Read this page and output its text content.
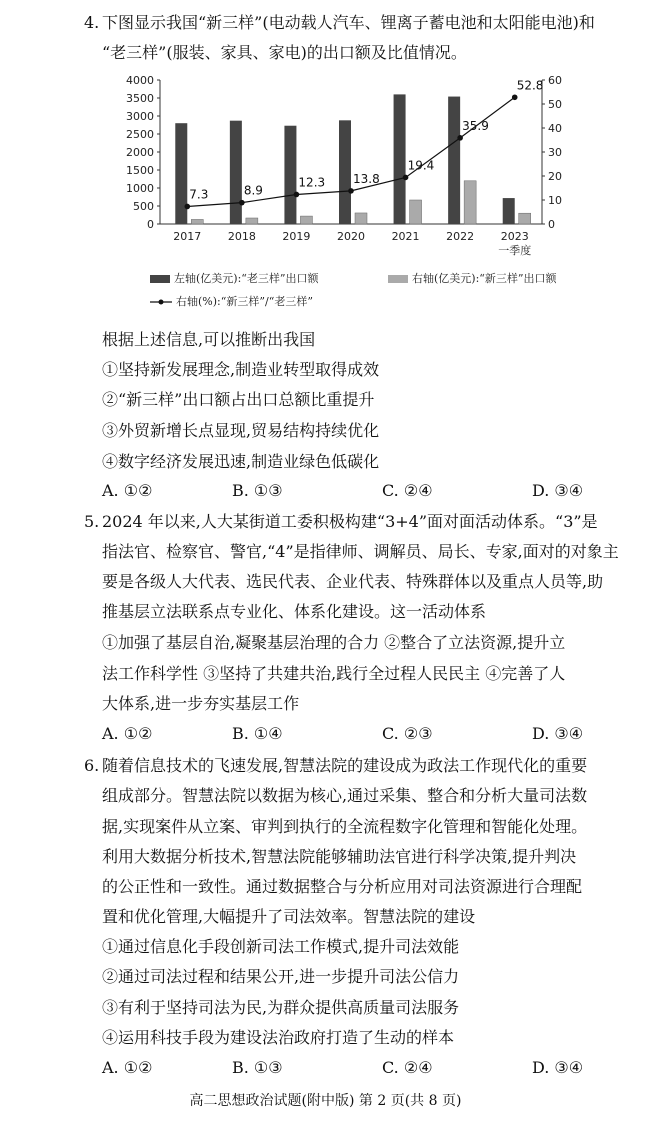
4. 下图显示我国“新三样”(电动载人汽车、锂离子蓄电池和太阳能电池)和
“老三样”(服装、家具、家电)的出口额及比值情况。
0
500
1000
1500
2000
2500
3000
3500
4000
0
10
20
30
40
50
60
2017 2018 2019 2020 2021 2022 2023
一季度
7.3	8.9
12.3 13.8
19.4
35.9
52.8
左轴(亿美元):“老三样”出口额	右轴(亿美元):“新三样”出口额
右轴(%):“新三样”/“老三样”
根据上述信息,可以推断出我国
①坚持新发展理念,制造业转型取得成效
②“新三样”出口额占出口总额比重提升
③外贸新增长点显现,贸易结构持续优化
④数字经济发展迅速,制造业绿色低碳化
A. ①②	B. ①③	C. ②④	D. ③④
5. 2024 年以来,人大某街道工委积极构建“3+4”面对面活动体系。“3”是
指法官、检察官、警官,“4”是指律师、调解员、局长、专家,面对的对象主
要是各级人大代表、选民代表、企业代表、特殊群体以及重点人员等,助
推基层立法联系点专业化、体系化建设。这一活动体系
①加强了基层自治,凝聚基层治理的合力 ②整合了立法资源,提升立
法工作科学性 ③坚持了共建共治,践行全过程人民民主 ④完善了人
大体系,进一步夯实基层工作
A. ①②	B. ①④	C. ②③	D. ③④
6. 随着信息技术的飞速发展,智慧法院的建设成为政法工作现代化的重要
组成部分。智慧法院以数据为核心,通过采集、整合和分析大量司法数
据,实现案件从立案、审判到执行的全流程数字化管理和智能化处理。
利用大数据分析技术,智慧法院能够辅助法官进行科学决策,提升判决
的公正性和一致性。通过数据整合与分析应用对司法资源进行合理配
置和优化管理,大幅提升了司法效率。智慧法院的建设
①通过信息化手段创新司法工作模式,提升司法效能
②通过司法过程和结果公开,进一步提升司法公信力
③有利于坚持司法为民,为群众提供高质量司法服务
④运用科技手段为建设法治政府打造了生动的样本
A. ①②	B. ①③	C. ②④	D. ③④
高二思想政治试题(附中版) 第 2 页(共 8 页)
